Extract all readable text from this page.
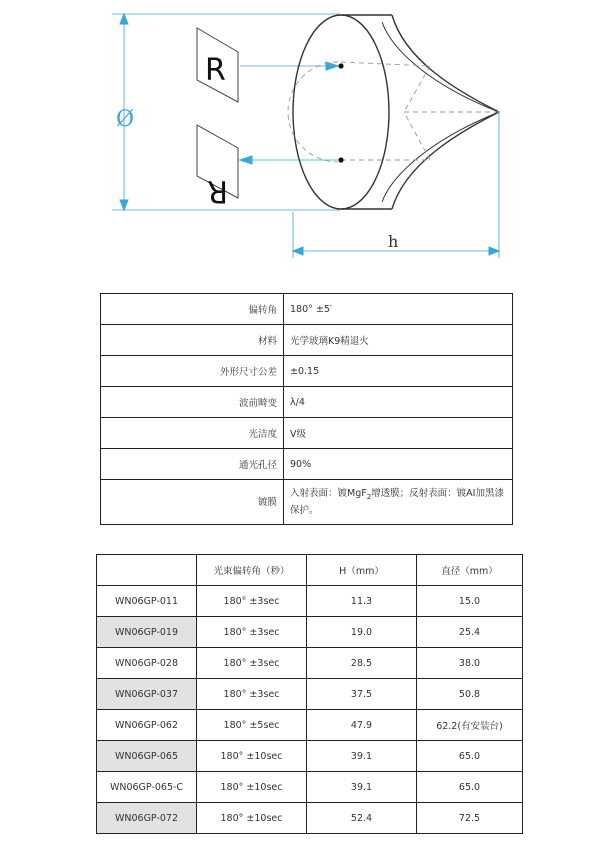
Ø
h
R
R
偏转角	180° ±5′
材料	光学玻璃K9精退火
外形尺寸公差	±0.15
波前畸变	λ/4
光洁度	Ⅴ级
通光孔径	90%
镀膜	入射表面：镀MgF$_2$增透膜；反射表面：镀AI加黑漆保护。
	光束偏转角（秒）	H（mm）	直径（mm）
WN06GP-011	180° ±3sec	11.3	15.0
WN06GP-019	180° ±3sec	19.0	25.4
WN06GP-028	180° ±3sec	28.5	38.0
WN06GP-037	180° ±3sec	37.5	50.8
WN06GP-062	180° ±5sec	47.9	62.2(有安装台)
WN06GP-065	180° ±10sec	39.1	65.0
WN06GP-065-C	180° ±10sec	39.1	65.0
WN06GP-072	180° ±10sec	52.4	72.5
